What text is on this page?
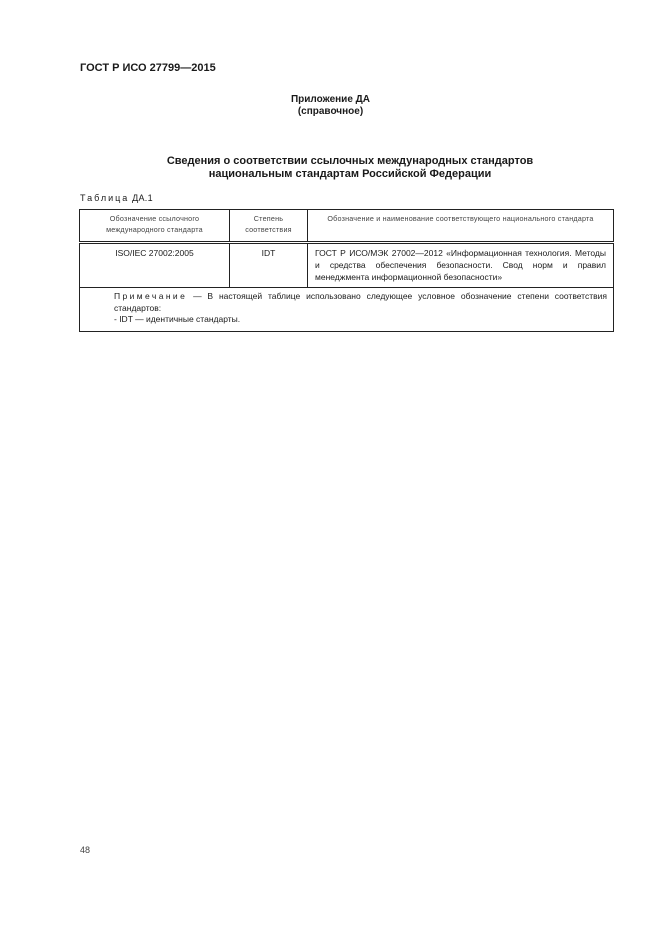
ГОСТ Р ИСО 27799—2015
Приложение ДА
(справочное)
Сведения о соответствии ссылочных международных стандартов
национальным стандартам Российской Федерации
Таблица ДА.1
Обозначение ссылочного международного стандарта	Степень соответствия	Обозначение и наименование соответствующего национального стандарта
ISO/IEC 27002:2005	IDT	ГОСТ Р ИСО/МЭК 27002—2012 «Информационная технология. Методы и средства обеспечения безопасности. Свод норм и правил менеджмента информационной безопасности»

Примечание — В настоящей таблице использовано следующее условное обозначение степени соответствия стандартов:
- IDT — идентичные стандарты.		
48
